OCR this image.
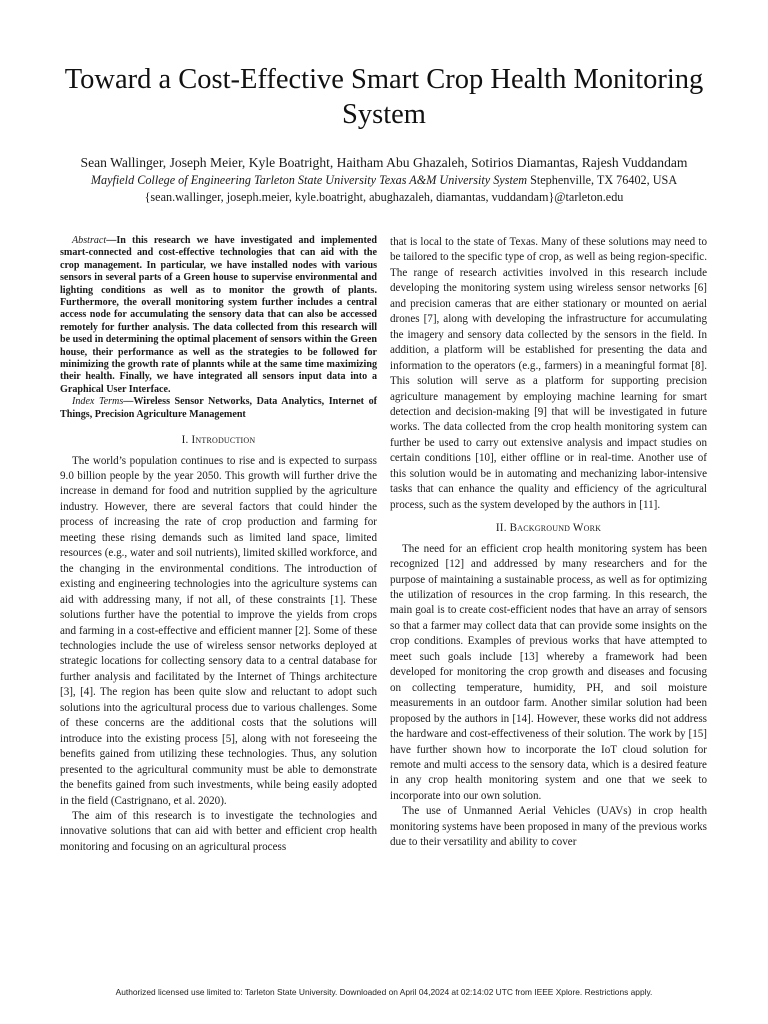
Toward a Cost-Effective Smart Crop Health Monitoring System
Sean Wallinger, Joseph Meier, Kyle Boatright, Haitham Abu Ghazaleh, Sotirios Diamantas, Rajesh Vuddandam
Mayfield College of Engineering Tarleton State University Texas A&M University System Stephenville, TX 76402, USA
{sean.wallinger, joseph.meier, kyle.boatright, abughazaleh, diamantas, vuddandam}@tarleton.edu

Abstract—In this research we have investigated and implemented smart-connected and cost-effective technologies that can aid with the crop management. In particular, we have installed nodes with various sensors in several parts of a Green house to supervise environmental and lighting conditions as well as to monitor the growth of plants. Furthermore, the overall monitoring system further includes a central access node for accumulating the sensory data that can also be accessed remotely for further analysis. The data collected from this research will be used in determining the optimal placement of sensors within the Green house, their performance as well as the strategies to be followed for minimizing the growth rate of plannts while at the same time maximizing their health. Finally, we have integrated all sensors input data into a Graphical User Interface.

Index Terms—Wireless Sensor Networks, Data Analytics, Internet of Things, Precision Agriculture Management

I. Introduction

The world’s population continues to rise and is expected to surpass 9.0 billion people by the year 2050. This growth will further drive the increase in demand for food and nutrition supplied by the agriculture industry. However, there are several factors that could hinder the process of increasing the rate of crop production and farming for meeting these rising demands such as limited land space, limited resources (e.g., water and soil nutrients), limited skilled workforce, and the changing in the environmental conditions. The introduction of existing and engineering technologies into the agriculture systems can aid with addressing many, if not all, of these constraints [1]. These solutions further have the potential to improve the yields from crops and farming in a cost-effective and efficient manner [2]. Some of these technologies include the use of wireless sensor networks deployed at strategic locations for collecting sensory data to a central database for further analysis and facilitated by the Internet of Things architecture [3], [4]. The region has been quite slow and reluctant to adopt such solutions into the agricultural process due to various challenges. Some of these concerns are the additional costs that the solutions will introduce into the existing process [5], along with not foreseeing the benefits gained from utilizing these technologies. Thus, any solution presented to the agricultural community must be able to demonstrate the benefits gained from such investments, while being easily adopted in the field (Castrignano, et al. 2020).

The aim of this research is to investigate the technologies and innovative solutions that can aid with better and efficient crop health monitoring and focusing on an agricultural process

that is local to the state of Texas. Many of these solutions may need to be tailored to the specific type of crop, as well as being region-specific. The range of research activities involved in this research include developing the monitoring system using wireless sensor networks [6] and precision cameras that are either stationary or mounted on aerial drones [7], along with developing the infrastructure for accumulating the imagery and sensory data collected by the sensors in the field. In addition, a platform will be established for presenting the data and information to the operators (e.g., farmers) in a meaningful format [8]. This solution will serve as a platform for supporting precision agriculture management by employing machine learning for smart detection and decision-making [9] that will be investigated in future works. The data collected from the crop health monitoring system can further be used to carry out extensive analysis and impact studies on certain conditions [10], either offline or in real-time. Another use of this solution would be in automating and mechanizing labor-intensive tasks that can enhance the quality and efficiency of the agricultural process, such as the system developed by the authors in [11].

II. Background Work

The need for an efficient crop health monitoring system has been recognized [12] and addressed by many researchers and for the purpose of maintaining a sustainable process, as well as for optimizing the utilization of resources in the crop farming. In this research, the main goal is to create cost-efficient nodes that have an array of sensors so that a farmer may collect data that can provide some insights on the crop conditions. Examples of previous works that have attempted to meet such goals include [13] whereby a framework had been developed for monitoring the crop growth and diseases and focusing on collecting temperature, humidity, PH, and soil moisture measurements in an outdoor farm. Another similar solution had been proposed by the authors in [14]. However, these works did not address the hardware and cost-effectiveness of their solution. The work by [15] have further shown how to incorporate the IoT cloud solution for remote and multi access to the sensory data, which is a desired feature in any crop health monitoring system and one that we seek to incorporate into our own solution.

The use of Unmanned Aerial Vehicles (UAVs) in crop health monitoring systems have been proposed in many of the previous works due to their versatility and ability to cover

Authorized licensed use limited to: Tarleton State University. Downloaded on April 04,2024 at 02:14:02 UTC from IEEE Xplore. Restrictions apply.
